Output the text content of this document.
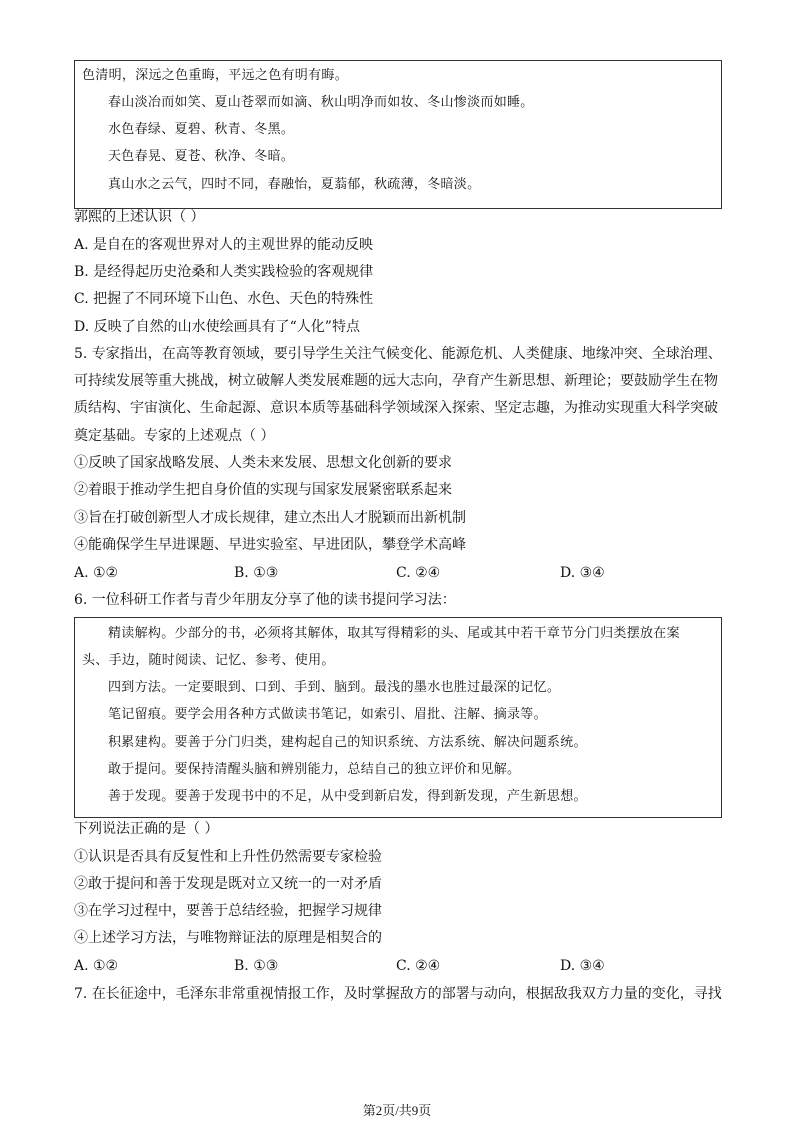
色清明，深远之色重晦，平远之色有明有晦。
春山淡冶而如笑、夏山苍翠而如滴、秋山明净而如妆、冬山惨淡而如睡。
水色春绿、夏碧、秋青、冬黑。
天色春晃、夏苍、秋净、冬暗。
真山水之云气，四时不同，春融怡，夏蓊郁，秋疏薄，冬暗淡。
郭熙的上述认识（ ）
A. 是自在的客观世界对人的主观世界的能动反映
B. 是经得起历史沧桑和人类实践检验的客观规律
C. 把握了不同环境下山色、水色、天色的特殊性
D. 反映了自然的山水使绘画具有了“人化”特点
5. 专家指出，在高等教育领域，要引导学生关注气候变化、能源危机、人类健康、地缘冲突、全球治理、
可持续发展等重大挑战，树立破解人类发展难题的远大志向，孕育产生新思想、新理论；要鼓励学生在物
质结构、宇宙演化、生命起源、意识本质等基础科学领域深入探索、坚定志趣，为推动实现重大科学突破
奠定基础。专家的上述观点（ ）
①反映了国家战略发展、人类未来发展、思想文化创新的要求
②着眼于推动学生把自身价值的实现与国家发展紧密联系起来
③旨在打破创新型人才成长规律，建立杰出人才脱颖而出新机制
④能确保学生早进课题、早进实验室、早进团队，攀登学术高峰
A. ①②	B. ①③	C. ②④	D. ③④
6. 一位科研工作者与青少年朋友分享了他的读书提问学习法：
精读解构。少部分的书，必须将其解体，取其写得精彩的头、尾或其中若干章节分门归类摆放在案
头、手边，随时阅读、记忆、参考、使用。
四到方法。一定要眼到、口到、手到、脑到。最浅的墨水也胜过最深的记忆。
笔记留痕。要学会用各种方式做读书笔记，如索引、眉批、注解、摘录等。
积累建构。要善于分门归类，建构起自己的知识系统、方法系统、解决问题系统。
敢于提问。要保持清醒头脑和辨别能力，总结自己的独立评价和见解。
善于发现。要善于发现书中的不足，从中受到新启发，得到新发现，产生新思想。
下列说法正确的是（ ）
①认识是否具有反复性和上升性仍然需要专家检验
②敢于提问和善于发现是既对立又统一的一对矛盾
③在学习过程中，要善于总结经验，把握学习规律
④上述学习方法，与唯物辩证法的原理是相契合的
A. ①②	B. ①③	C. ②④	D. ③④
7. 在长征途中，毛泽东非常重视情报工作，及时掌握敌方的部署与动向，根据敌我双方力量的变化，寻找
第2页/共9页
